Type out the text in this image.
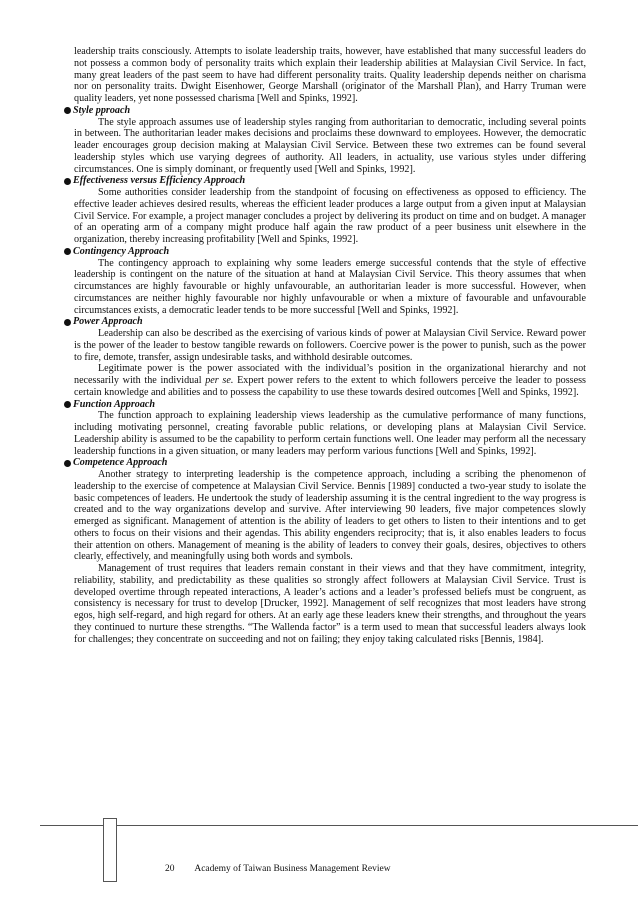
leadership traits consciously. Attempts to isolate leadership traits, however, have established that many successful leaders do not possess a common body of personality traits which explain their leadership abilities at Malaysian Civil Service. In fact, many great leaders of the past seem to have had different personality traits. Quality leadership depends neither on charisma nor on personality traits. Dwight Eisenhower, George Marshall (originator of the Marshall Plan), and Harry Truman were quality leaders, yet none possessed charisma [Well and Spinks, 1992].

Style pproach

The style approach assumes use of leadership styles ranging from authoritarian to democratic, including several points in between. The authoritarian leader makes decisions and proclaims these downward to employees. However, the democratic leader encourages group decision making at Malaysian Civil Service. Between these two extremes can be found several leadership styles which use varying degrees of authority. All leaders, in actuality, use various styles under differing circumstances. One is simply dominant, or frequently used [Well and Spinks, 1992].

Effectiveness versus Efficiency Approach

Some authorities consider leadership from the standpoint of focusing on effectiveness as opposed to efficiency. The effective leader achieves desired results, whereas the efficient leader produces a large output from a given input at Malaysian Civil Service. For example, a project manager concludes a project by delivering its product on time and on budget. A manager of an operating arm of a company might produce half again the raw product of a peer business unit elsewhere in the organization, thereby increasing profitability [Well and Spinks, 1992].

Contingency Approach

The contingency approach to explaining why some leaders emerge successful contends that the style of effective leadership is contingent on the nature of the situation at hand at Malaysian Civil Service. This theory assumes that when circumstances are highly favourable or highly unfavourable, an authoritarian leader is more successful. However, when circumstances are neither highly favourable nor highly unfavourable or when a mixture of favourable and unfavourable circumstances exists, a democratic leader tends to be more successful [Well and Spinks, 1992].

Power Approach

Leadership can also be described as the exercising of various kinds of power at Malaysian Civil Service. Reward power is the power of the leader to bestow tangible rewards on followers. Coercive power is the power to punish, such as the power to fire, demote, transfer, assign undesirable tasks, and withhold desirable outcomes.

Legitimate power is the power associated with the individual’s position in the organizational hierarchy and not necessarily with the individual per se. Expert power refers to the extent to which followers perceive the leader to possess certain knowledge and abilities and to possess the capability to use these towards desired outcomes [Well and Spinks, 1992].

Function Approach

The function approach to explaining leadership views leadership as the cumulative performance of many functions, including motivating personnel, creating favorable public relations, or developing plans at Malaysian Civil Service. Leadership ability is assumed to be the capability to perform certain functions well. One leader may perform all the necessary leadership functions in a given situation, or many leaders may perform various functions [Well and Spinks, 1992].

Competence Approach

Another strategy to interpreting leadership is the competence approach, including a scribing the phenomenon of leadership to the exercise of competence at Malaysian Civil Service. Bennis [1989] conducted a two-year study to isolate the basic competences of leaders. He undertook the study of leadership assuming it is the central ingredient to the way progress is created and to the way organizations develop and survive. After interviewing 90 leaders, five major competences slowly emerged as significant. Management of attention is the ability of leaders to get others to listen to their intentions and to get others to focus on their visions and their agendas. This ability engenders reciprocity; that is, it also enables leaders to focus their attention on others. Management of meaning is the ability of leaders to convey their goals, desires, objectives to others clearly, effectively, and meaningfully using both words and symbols.

Management of trust requires that leaders remain constant in their views and that they have commitment, integrity, reliability, stability, and predictability as these qualities so strongly affect followers at Malaysian Civil Service. Trust is developed overtime through repeated interactions, A leader’s actions and a leader’s professed beliefs must be congruent, as consistency is necessary for trust to develop [Drucker, 1992]. Management of self recognizes that most leaders have strong egos, high self-regard, and high regard for others. At an early age these leaders knew their strengths, and throughout the years they continued to nurture these strengths. “The Wallenda factor” is a term used to mean that successful leaders always look for challenges; they concentrate on succeeding and not on failing; they enjoy taking calculated risks [Bennis, 1984].

20 Academy of Taiwan Business Management Review
